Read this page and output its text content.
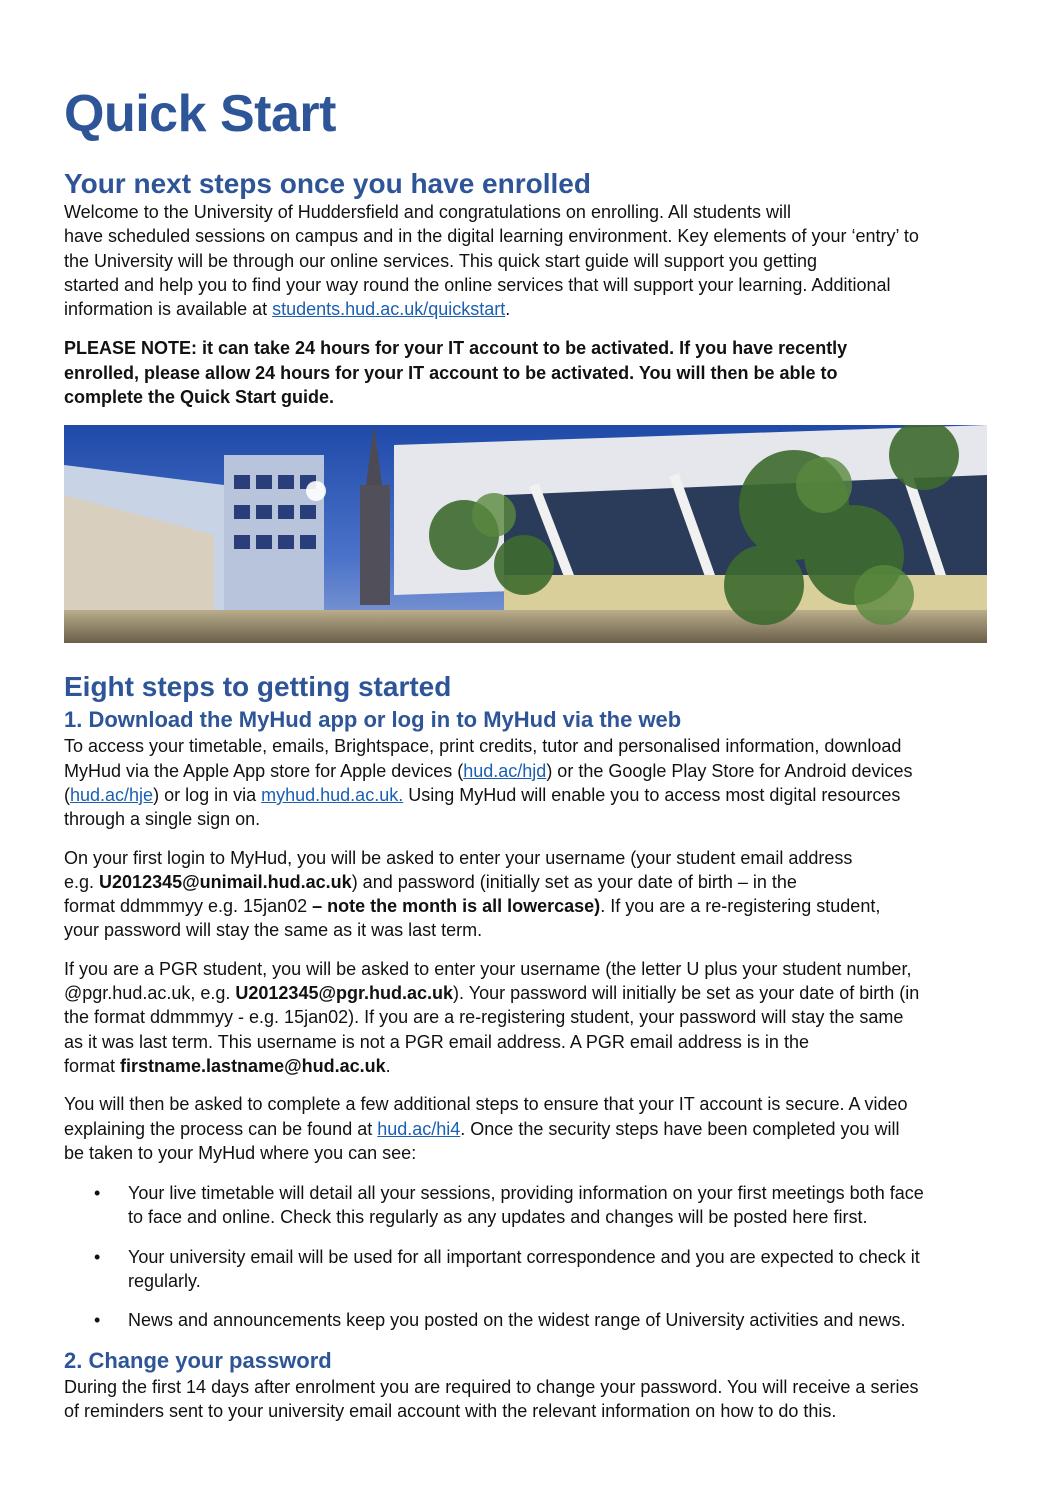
Quick Start
Your next steps once you have enrolled

Welcome to the University of Huddersfield and congratulations on enrolling. All students will
have scheduled sessions on campus and in the digital learning environment. Key elements of your ‘entry’ to
the University will be through our online services. This quick start guide will support you getting
started and help you to find your way round the online services that will support your learning. Additional
information is available at students.hud.ac.uk/quickstart.

PLEASE NOTE: it can take 24 hours for your IT account to be activated. If you have recently
enrolled, please allow 24 hours for your IT account to be activated. You will then be able to
complete the Quick Start guide.

Eight steps to getting started
1. Download the MyHud app or log in to MyHud via the web

To access your timetable, emails, Brightspace, print credits, tutor and personalised information, download
MyHud via the Apple App store for Apple devices (hud.ac/hjd) or the Google Play Store for Android devices
(hud.ac/hje) or log in via myhud.hud.ac.uk. Using MyHud will enable you to access most digital resources
through a single sign on.

On your first login to MyHud, you will be asked to enter your username (your student email address
e.g. U2012345@unimail.hud.ac.uk) and password (initially set as your date of birth – in the
format ddmmmyy e.g. 15jan02 – note the month is all lowercase). If you are a re-registering student,
your password will stay the same as it was last term.

If you are a PGR student, you will be asked to enter your username (the letter U plus your student number,
@pgr.hud.ac.uk, e.g. U2012345@pgr.hud.ac.uk). Your password will initially be set as your date of birth (in
the format ddmmmyy - e.g. 15jan02). If you are a re-registering student, your password will stay the same
as it was last term. This username is not a PGR email address. A PGR email address is in the
format firstname.lastname@hud.ac.uk.

You will then be asked to complete a few additional steps to ensure that your IT account is secure. A video
explaining the process can be found at hud.ac/hi4. Once the security steps have been completed you will
be taken to your MyHud where you can see:

• Your live timetable will detail all your sessions, providing information on your first meetings both face
to face and online. Check this regularly as any updates and changes will be posted here first.
• Your university email will be used for all important correspondence and you are expected to check it
regularly.
• News and announcements keep you posted on the widest range of University activities and news.
2. Change your password

During the first 14 days after enrolment you are required to change your password. You will receive a series
of reminders sent to your university email account with the relevant information on how to do this.
